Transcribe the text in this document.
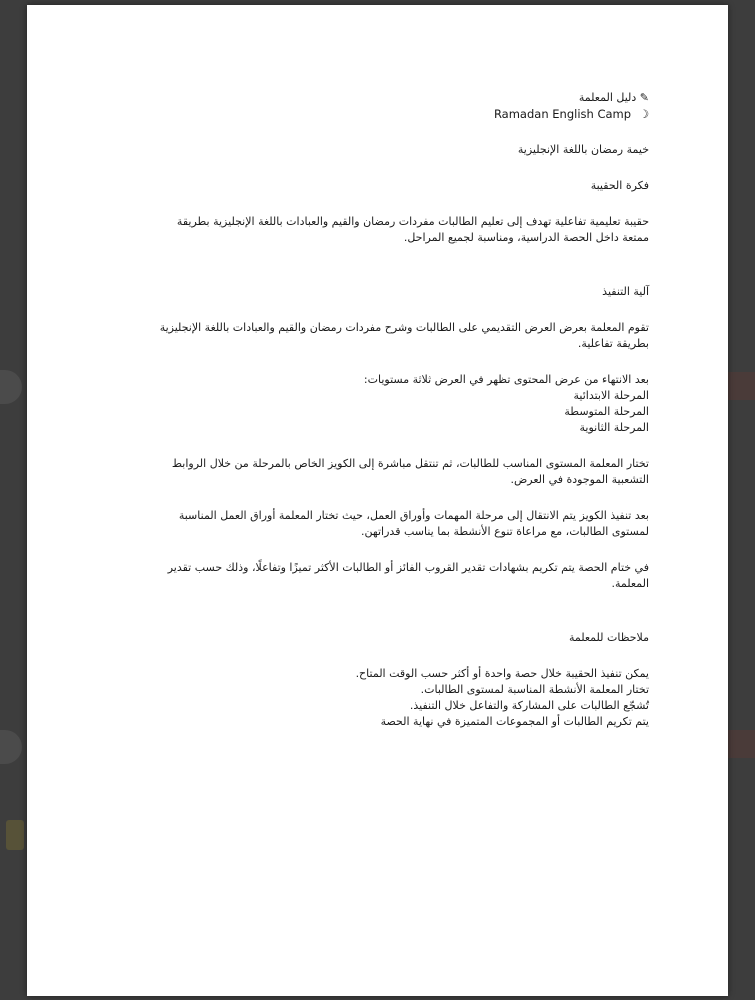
✎ دليل المعلمة

Ramadan English Camp ☽

خيمة رمضان باللغة الإنجليزية

فكرة الحقيبة

حقيبة تعليمية تفاعلية تهدف إلى تعليم الطالبات مفردات رمضان والقيم والعبادات باللغة الإنجليزية بطريقة ممتعة داخل الحصة الدراسية، ومناسبة لجميع المراحل.

آلية التنفيذ

تقوم المعلمة بعرض العرض التقديمي على الطالبات وشرح مفردات رمضان والقيم والعبادات باللغة الإنجليزية بطريقة تفاعلية.

بعد الانتهاء من عرض المحتوى تظهر في العرض ثلاثة مستويات:

المرحلة الابتدائية

المرحلة المتوسطة

المرحلة الثانوية

تختار المعلمة المستوى المناسب للطالبات، ثم تنتقل مباشرة إلى الكويز الخاص بالمرحلة من خلال الروابط التشعبية الموجودة في العرض.

بعد تنفيذ الكويز يتم الانتقال إلى مرحلة المهمات وأوراق العمل، حيث تختار المعلمة أوراق العمل المناسبة لمستوى الطالبات، مع مراعاة تنوع الأنشطة بما يناسب قدراتهن.

في ختام الحصة يتم تكريم بشهادات تقدير القروب الفائز أو الطالبات الأكثر تميزًا وتفاعلًا، وذلك حسب تقدير المعلمة.

ملاحظات للمعلمة

يمكن تنفيذ الحقيبة خلال حصة واحدة أو أكثر حسب الوقت المتاح.

تختار المعلمة الأنشطة المناسبة لمستوى الطالبات.

تُشجّع الطالبات على المشاركة والتفاعل خلال التنفيذ.

يتم تكريم الطالبات أو المجموعات المتميزة في نهاية الحصة
